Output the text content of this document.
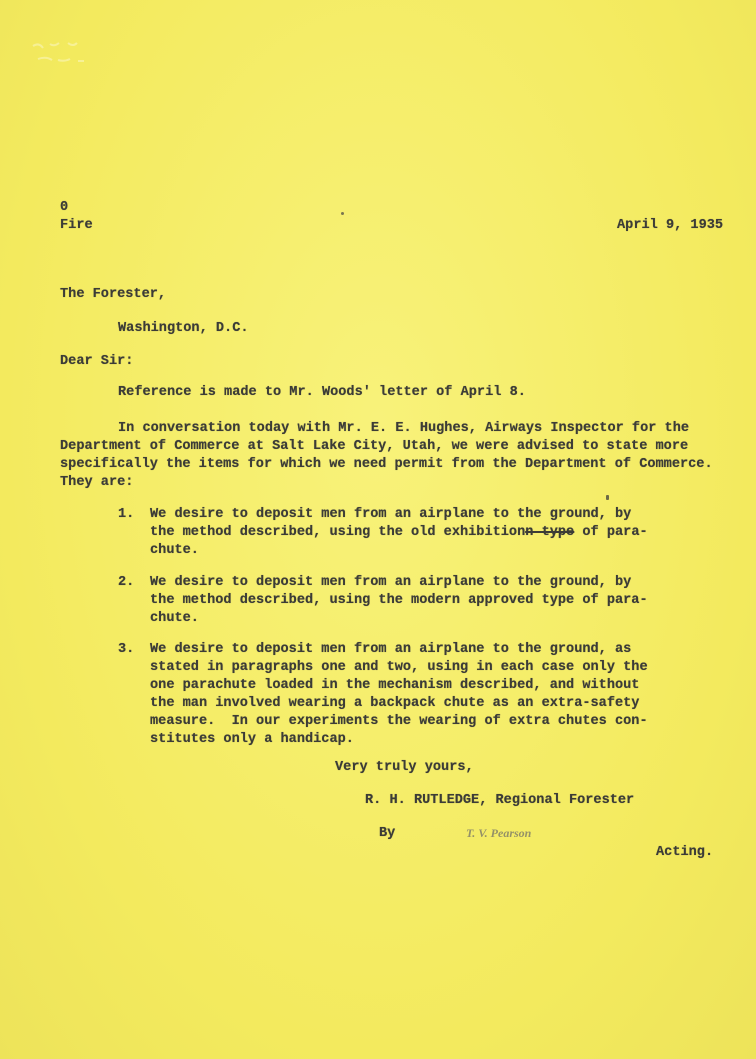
0
Fire	April 9, 1935
The Forester,
Washington, D.C.
Dear Sir:
Reference is made to Mr. Woods' letter of April 8.
In conversation today with Mr. E. E. Hughes, Airways Inspector for the
Department of Commerce at Salt Lake City, Utah, we were advised to state more
specifically the items for which we need permit from the Department of Commerce.
They are:
1. We desire to deposit men from an airplane to the ground, by
the method described, using the old exhibitionn type of para-
chute.
2. We desire to deposit men from an airplane to the ground, by
the method described, using the modern approved type of para-
chute.
3. We desire to deposit men from an airplane to the ground, as
stated in paragraphs one and two, using in each case only the
one parachute loaded in the mechanism described, and without
the man involved wearing a backpack chute as an extra-safety
measure.  In our experiments the wearing of extra chutes con-
stitutes only a handicap.
Very truly yours,
R. H. RUTLEDGE, Regional Forester
By	T. V. Pearson
Acting.
